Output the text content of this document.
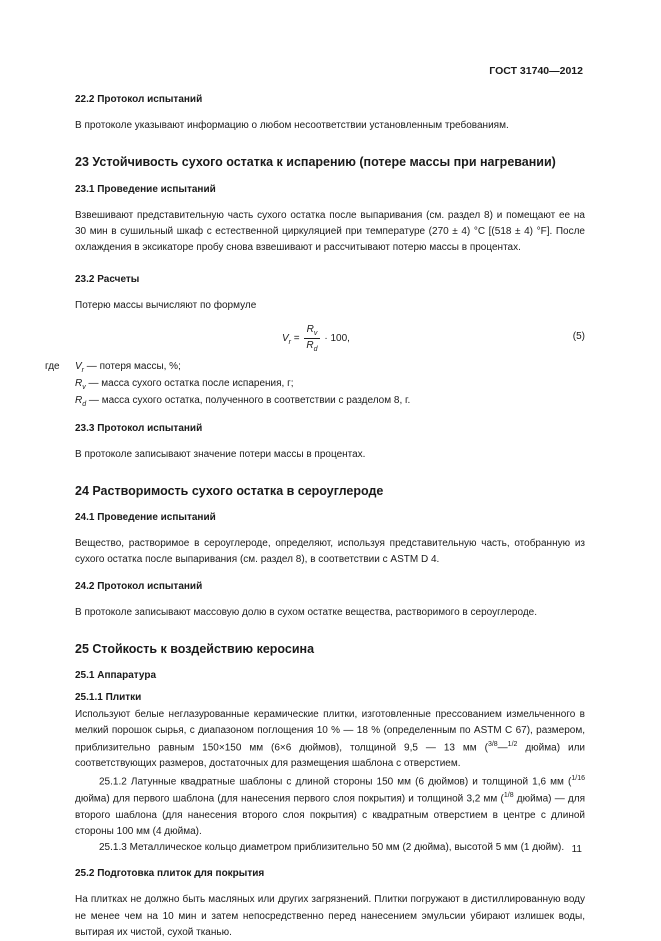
ГОСТ 31740—2012

22.2 Протокол испытаний

В протоколе указывают информацию о любом несоответствии установленным требованиям.

23 Устойчивость сухого остатка к испарению (потере массы при нагревании)

23.1 Проведение испытаний

Взвешивают представительную часть сухого остатка после выпаривания (см. раздел 8) и помещают ее на 30 мин в сушильный шкаф с естественной циркуляцией при температуре (270 ± 4) °С [(518 ± 4) °F]. После охлаждения в эксикаторе пробу снова взвешивают и рассчитывают потерю массы в процентах.

23.2 Расчеты

Потерю массы вычисляют по формуле

$V_r = \frac{R_v}{R_d} \cdot 100$,	(5)

где $V_r$ — потеря массы, %;

$R_v$ — масса сухого остатка после испарения, г;

$R_d$ — масса сухого остатка, полученного в соответствии с разделом 8, г.

23.3 Протокол испытаний

В протоколе записывают значение потери массы в процентах.

24 Растворимость сухого остатка в сероуглероде

24.1 Проведение испытаний

Вещество, растворимое в сероуглероде, определяют, используя представительную часть, отобранную из сухого остатка после выпаривания (см. раздел 8), в соответствии с ASTM D 4.

24.2 Протокол испытаний

В протоколе записывают массовую долю в сухом остатке вещества, растворимого в сероуглероде.

25 Стойкость к воздействию керосина

25.1 Аппаратура

25.1.1 Плитки

Используют белые неглазурованные керамические плитки, изготовленные прессованием измельченного в мелкий порошок сырья, с диапазоном поглощения 10 % — 18 % (определенным по ASTM С 67), размером, приблизительно равным 150×150 мм (6×6 дюймов), толщиной 9,5 — 13 мм ($^{3/8}$—$^{1/2}$ дюйма) или соответствующих размеров, достаточных для размещения шаблона с отверстием.

25.1.2 Латунные квадратные шаблоны с длиной стороны 150 мм (6 дюймов) и толщиной 1,6 мм ($^{1/16}$ дюйма) для первого шаблона (для нанесения первого слоя покрытия) и толщиной 3,2 мм ($^{1/8}$ дюйма) — для второго шаблона (для нанесения второго слоя покрытия) с квадратным отверстием в центре с длиной стороны 100 мм (4 дюйма).

25.1.3 Металлическое кольцо диаметром приблизительно 50 мм (2 дюйма), высотой 5 мм (1 дюйм).

25.2 Подготовка плиток для покрытия

На плитках не должно быть масляных или других загрязнений. Плитки погружают в дистиллированную воду не менее чем на 10 мин и затем непосредственно перед нанесением эмульсии убирают излишек воды, вытирая их чистой, сухой тканью.

11
